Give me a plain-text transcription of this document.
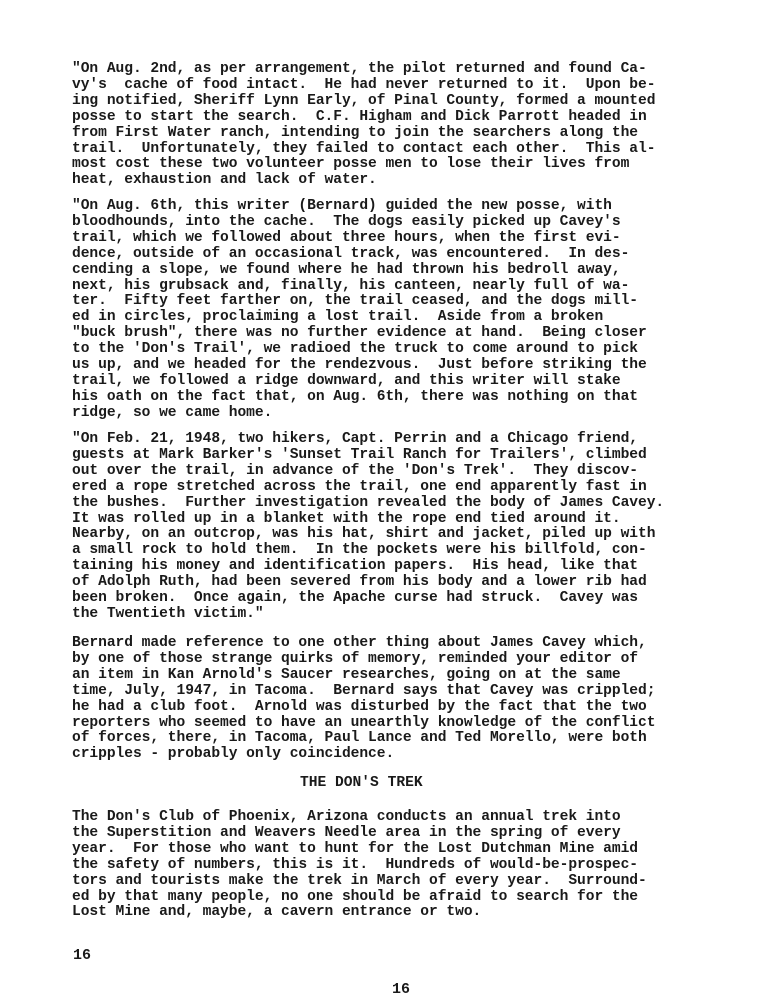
"On Aug. 2nd, as per arrangement, the pilot returned and found Ca-
vy's  cache of food intact.  He had never returned to it.  Upon be-
ing notified, Sheriff Lynn Early, of Pinal County, formed a mounted
posse to start the search.  C.F. Higham and Dick Parrott headed in
from First Water ranch, intending to join the searchers along the
trail.  Unfortunately, they failed to contact each other.  This al-
most cost these two volunteer posse men to lose their lives from
heat, exhaustion and lack of water.
"On Aug. 6th, this writer (Bernard) guided the new posse, with
bloodhounds, into the cache.  The dogs easily picked up Cavey's
trail, which we followed about three hours, when the first evi-
dence, outside of an occasional track, was encountered.  In des-
cending a slope, we found where he had thrown his bedroll away,
next, his grubsack and, finally, his canteen, nearly full of wa-
ter.  Fifty feet farther on, the trail ceased, and the dogs mill-
ed in circles, proclaiming a lost trail.  Aside from a broken
"buck brush", there was no further evidence at hand.  Being closer
to the 'Don's Trail', we radioed the truck to come around to pick
us up, and we headed for the rendezvous.  Just before striking the
trail, we followed a ridge downward, and this writer will stake
his oath on the fact that, on Aug. 6th, there was nothing on that
ridge, so we came home.
"On Feb. 21, 1948, two hikers, Capt. Perrin and a Chicago friend,
guests at Mark Barker's 'Sunset Trail Ranch for Trailers', climbed
out over the trail, in advance of the 'Don's Trek'.  They discov-
ered a rope stretched across the trail, one end apparently fast in
the bushes.  Further investigation revealed the body of James Cavey.
It was rolled up in a blanket with the rope end tied around it.
Nearby, on an outcrop, was his hat, shirt and jacket, piled up with
a small rock to hold them.  In the pockets were his billfold, con-
taining his money and identification papers.  His head, like that
of Adolph Ruth, had been severed from his body and a lower rib had
been broken.  Once again, the Apache curse had struck.  Cavey was
the Twentieth victim."
Bernard made reference to one other thing about James Cavey which,
by one of those strange quirks of memory, reminded your editor of
an item in Kan Arnold's Saucer researches, going on at the same
time, July, 1947, in Tacoma.  Bernard says that Cavey was crippled;
he had a club foot.  Arnold was disturbed by the fact that the two
reporters who seemed to have an unearthly knowledge of the conflict
of forces, there, in Tacoma, Paul Lance and Ted Morello, were both
cripples - probably only coincidence.
THE DON'S TREK
The Don's Club of Phoenix, Arizona conducts an annual trek into
the Superstition and Weavers Needle area in the spring of every
year.  For those who want to hunt for the Lost Dutchman Mine amid
the safety of numbers, this is it.  Hundreds of would-be-prospec-
tors and tourists make the trek in March of every year.  Surround-
ed by that many people, no one should be afraid to search for the
Lost Mine and, maybe, a cavern entrance or two.
16
16
